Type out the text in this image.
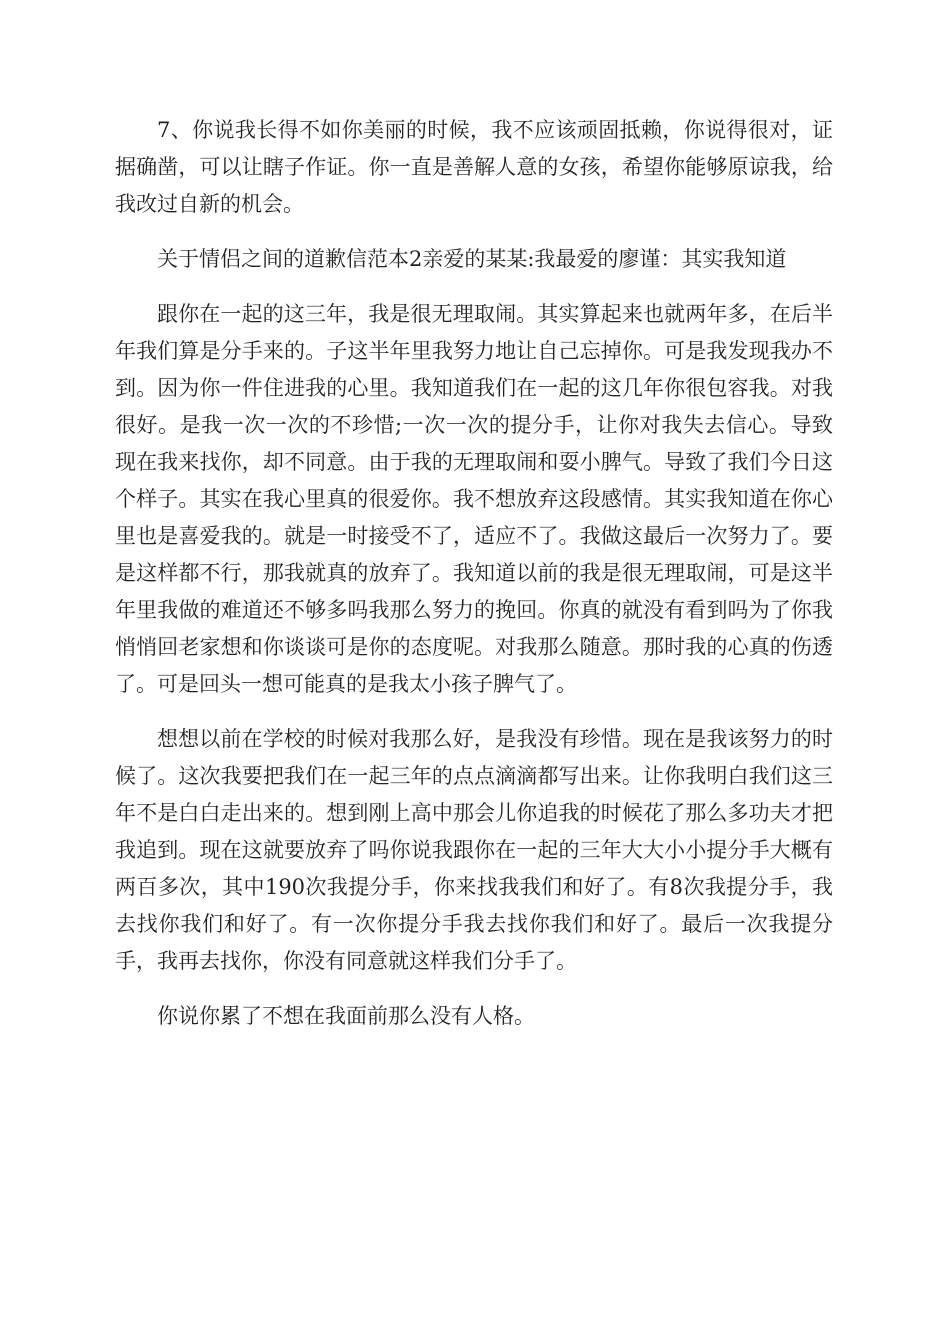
7、你说我长得不如你美丽的时候，我不应该顽固抵赖，你说得很对，证据确凿，可以让瞎子作证。你一直是善解人意的女孩，希望你能够原谅我，给我改过自新的机会。

关于情侣之间的道歉信范本2亲爱的某某:我最爱的廖谨：其实我知道

跟你在一起的这三年，我是很无理取闹。其实算起来也就两年多，在后半年我们算是分手来的。子这半年里我努力地让自己忘掉你。可是我发现我办不到。因为你一件住进我的心里。我知道我们在一起的这几年你很包容我。对我很好。是我一次一次的不珍惜;一次一次的提分手，让你对我失去信心。导致现在我来找你，却不同意。由于我的无理取闹和耍小脾气。导致了我们今日这个样子。其实在我心里真的很爱你。我不想放弃这段感情。其实我知道在你心里也是喜爱我的。就是一时接受不了，适应不了。我做这最后一次努力了。要是这样都不行，那我就真的放弃了。我知道以前的我是很无理取闹，可是这半年里我做的难道还不够多吗我那么努力的挽回。你真的就没有看到吗为了你我悄悄回老家想和你谈谈可是你的态度呢。对我那么随意。那时我的心真的伤透了。可是回头一想可能真的是我太小孩子脾气了。

想想以前在学校的时候对我那么好，是我没有珍惜。现在是我该努力的时候了。这次我要把我们在一起三年的点点滴滴都写出来。让你我明白我们这三年不是白白走出来的。想到刚上高中那会儿你追我的时候花了那么多功夫才把我追到。现在这就要放弃了吗你说我跟你在一起的三年大大小小提分手大概有两百多次，其中190次我提分手，你来找我我们和好了。有8次我提分手，我去找你我们和好了。有一次你提分手我去找你我们和好了。最后一次我提分手，我再去找你，你没有同意就这样我们分手了。

你说你累了不想在我面前那么没有人格。
